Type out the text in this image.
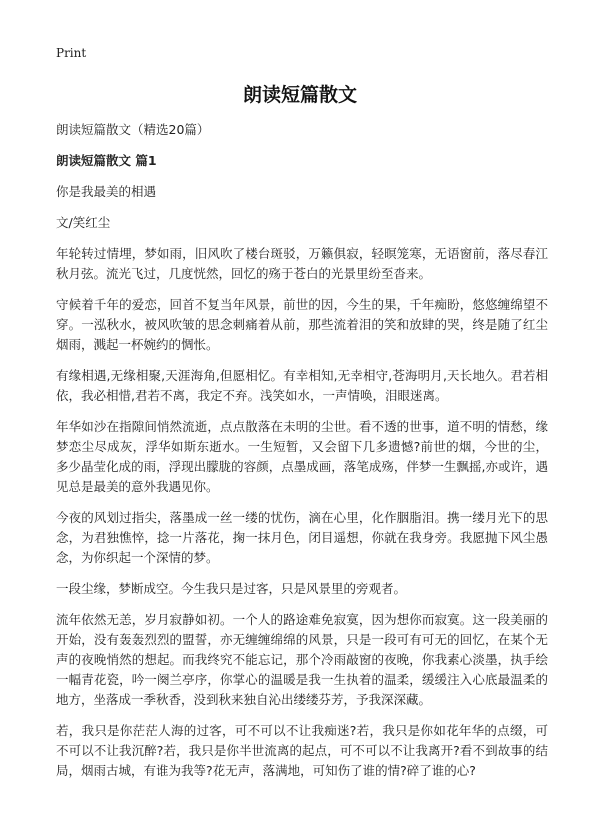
Print
朗读短篇散文
朗读短篇散文（精选20篇）
朗读短篇散文 篇1
你是我最美的相遇
文/笑红尘

年轮转过情埋，梦如雨，旧风吹了楼台斑驳，万籁俱寂，轻暝笼寒，无语窗前，落尽春江秋月弦。流光飞过，几度恍然，回忆的殇于苍白的光景里纷至沓来。

守候着千年的爱恋，回首不复当年风景，前世的因，今生的果，千年痴盼，悠悠缠绵望不穿。一泓秋水，被风吹皱的思念刺痛着从前，那些流着泪的笑和放肆的哭，终是随了红尘烟雨，溅起一杯婉约的惆怅。

有缘相遇,无缘相聚,天涯海角,但愿相忆。有幸相知,无幸相守,苍海明月,天长地久。君若相依，我必相惜,君若不离，我定不弃。浅笑如水，一声情唤，泪眼迷离。

年华如沙在指隙间悄然流逝，点点散落在未明的尘世。看不透的世事，道不明的情愁，缘梦恋尘尽成灰，浮华如斯东逝水。一生短暂，又会留下几多遗憾?前世的烟，今世的尘，多少晶莹化成的雨，浮现出朦胧的容颜，点墨成画，落笔成殇，伴梦一生飘摇,亦或许，遇见总是最美的意外我遇见你。

今夜的风划过指尖，落墨成一丝一缕的忧伤，滴在心里，化作胭脂泪。携一缕月光下的思念，为君独憔悴，捻一片落花，掬一抹月色，闭目遥想，你就在我身旁。我愿抛下风尘愚念，为你织起一个深情的梦。

一段尘缘，梦断成空。今生我只是过客，只是风景里的旁观者。

流年依然无恙，岁月寂静如初。一个人的路途难免寂寞，因为想你而寂寞。这一段美丽的开始，没有轰轰烈烈的盟誓，亦无缠缠绵绵的风景，只是一段可有可无的回忆，在某个无声的夜晚悄然的想起。而我终究不能忘记，那个冷雨敲窗的夜晚，你我素心淡墨，执手绘一幅青花瓷，吟一阕兰亭序，你掌心的温暖是我一生执着的温柔，缓缓注入心底最温柔的地方，坐落成一季秋香，没到秋来独自沁出缕缕芬芳，予我深深藏。

若，我只是你茫茫人海的过客，可不可以不让我痴迷?若，我只是你如花年华的点缀，可不可以不让我沉醉?若，我只是你半世流离的起点，可不可以不让我离开?看不到故事的结局，烟雨古城，有谁为我等?花无声，落满地，可知伤了谁的情?碎了谁的心?
